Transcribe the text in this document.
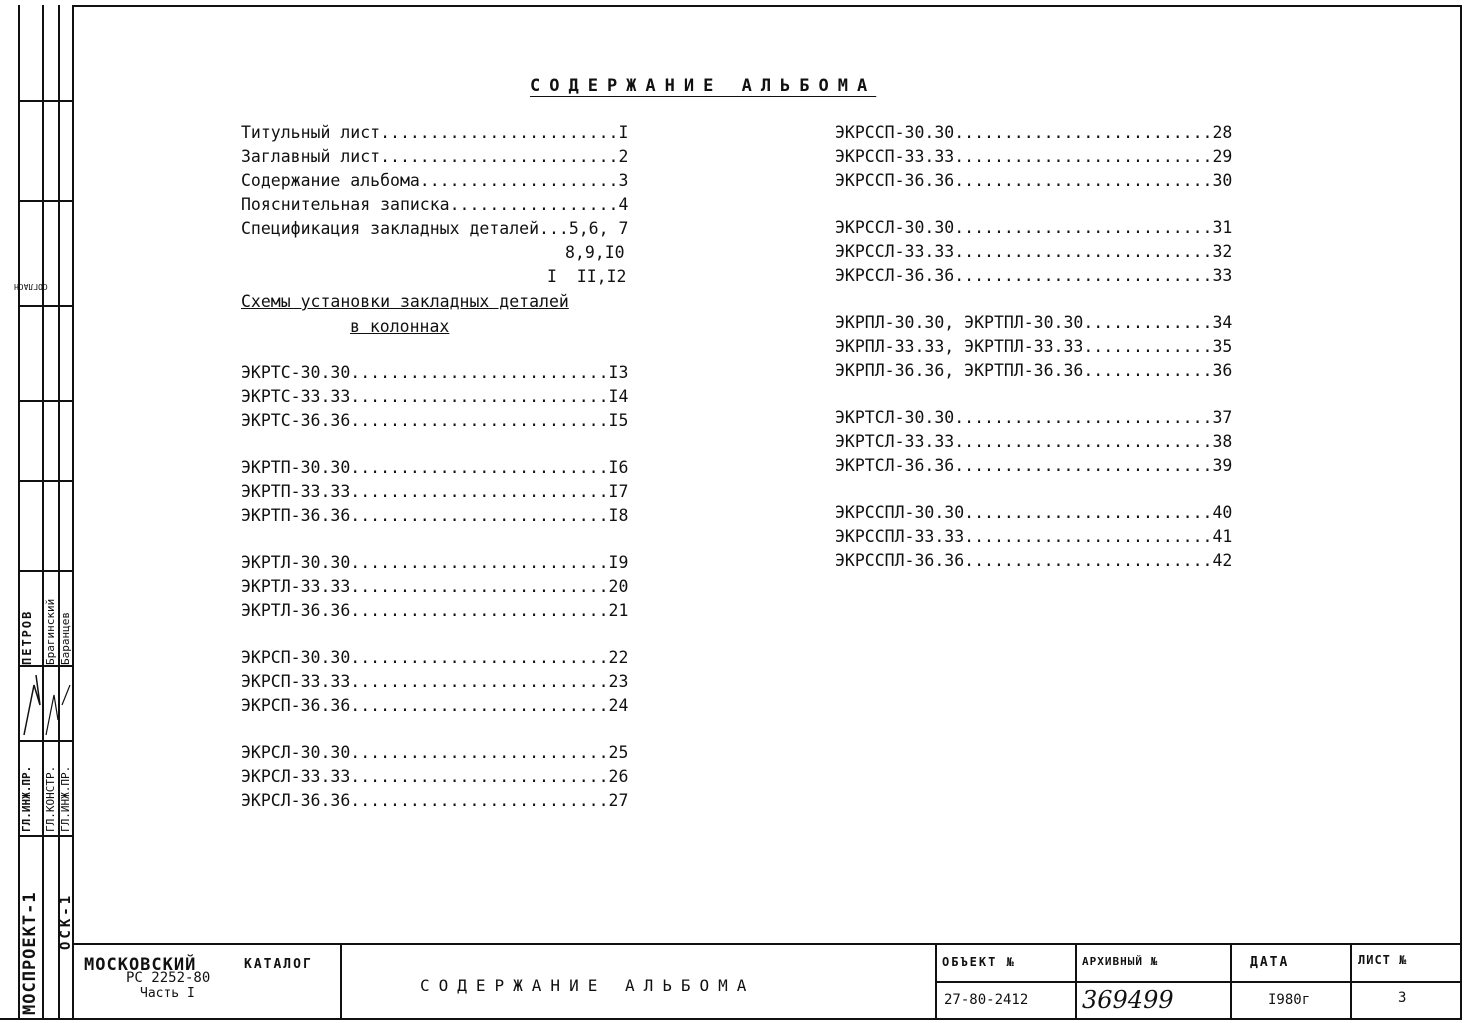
МОСПРОЕКТ-1 ОСК-1
ГЛ.ИНЖ.ПР.
ПЕТРОВ
ГЛ.КОНСТР.
Брагинский
ГЛ.ИНЖ.ПР.
Баранцев
СОГЛАСН
СОДЕРЖАНИЕ АЛЬБОМА
Титульный лист........................I
Заглавный лист........................2
Содержание альбома....................3
Пояснительная записка.................4
Спецификация закладных деталей...5,6, 7
8,9,I0
I  II,I2
ЭКРТС-30.30..........................I3
ЭКРТС-33.33..........................I4
ЭКРТС-36.36..........................I5
ЭКРТП-30.30..........................I6
ЭКРТП-33.33..........................I7
ЭКРТП-36.36..........................I8
ЭКРТЛ-30.30..........................I9
ЭКРТЛ-33.33..........................20
ЭКРТЛ-36.36..........................21
ЭКРСП-30.30..........................22
ЭКРСП-33.33..........................23
ЭКРСП-36.36..........................24
ЭКРСЛ-30.30..........................25
ЭКРСЛ-33.33..........................26
ЭКРСЛ-36.36..........................27
ЭКРССП-30.30..........................28
ЭКРССП-33.33..........................29
ЭКРССП-36.36..........................30
ЭКРССЛ-30.30..........................31
ЭКРССЛ-33.33..........................32
ЭКРССЛ-36.36..........................33
ЭКРПЛ-30.30, ЭКРТПЛ-30.30.............34
ЭКРПЛ-33.33, ЭКРТПЛ-33.33.............35
ЭКРПЛ-36.36, ЭКРТПЛ-36.36.............36
ЭКРТСЛ-30.30..........................37
ЭКРТСЛ-33.33..........................38
ЭКРТСЛ-36.36..........................39
ЭКРССПЛ-30.30.........................40
ЭКРССПЛ-33.33.........................41
ЭКРССПЛ-36.36.........................42
Схемы установки закладных деталей
в колоннах
МОСКОВСКИЙ	КАТАЛОГ
РС 2252-80
Часть I	СОДЕРЖАНИЕ АЛЬБОМА
ОБЪЕКТ №
27-80-2412
АРХИВНЫЙ №
369499
ДАТА
I980г
ЛИСТ №
3
